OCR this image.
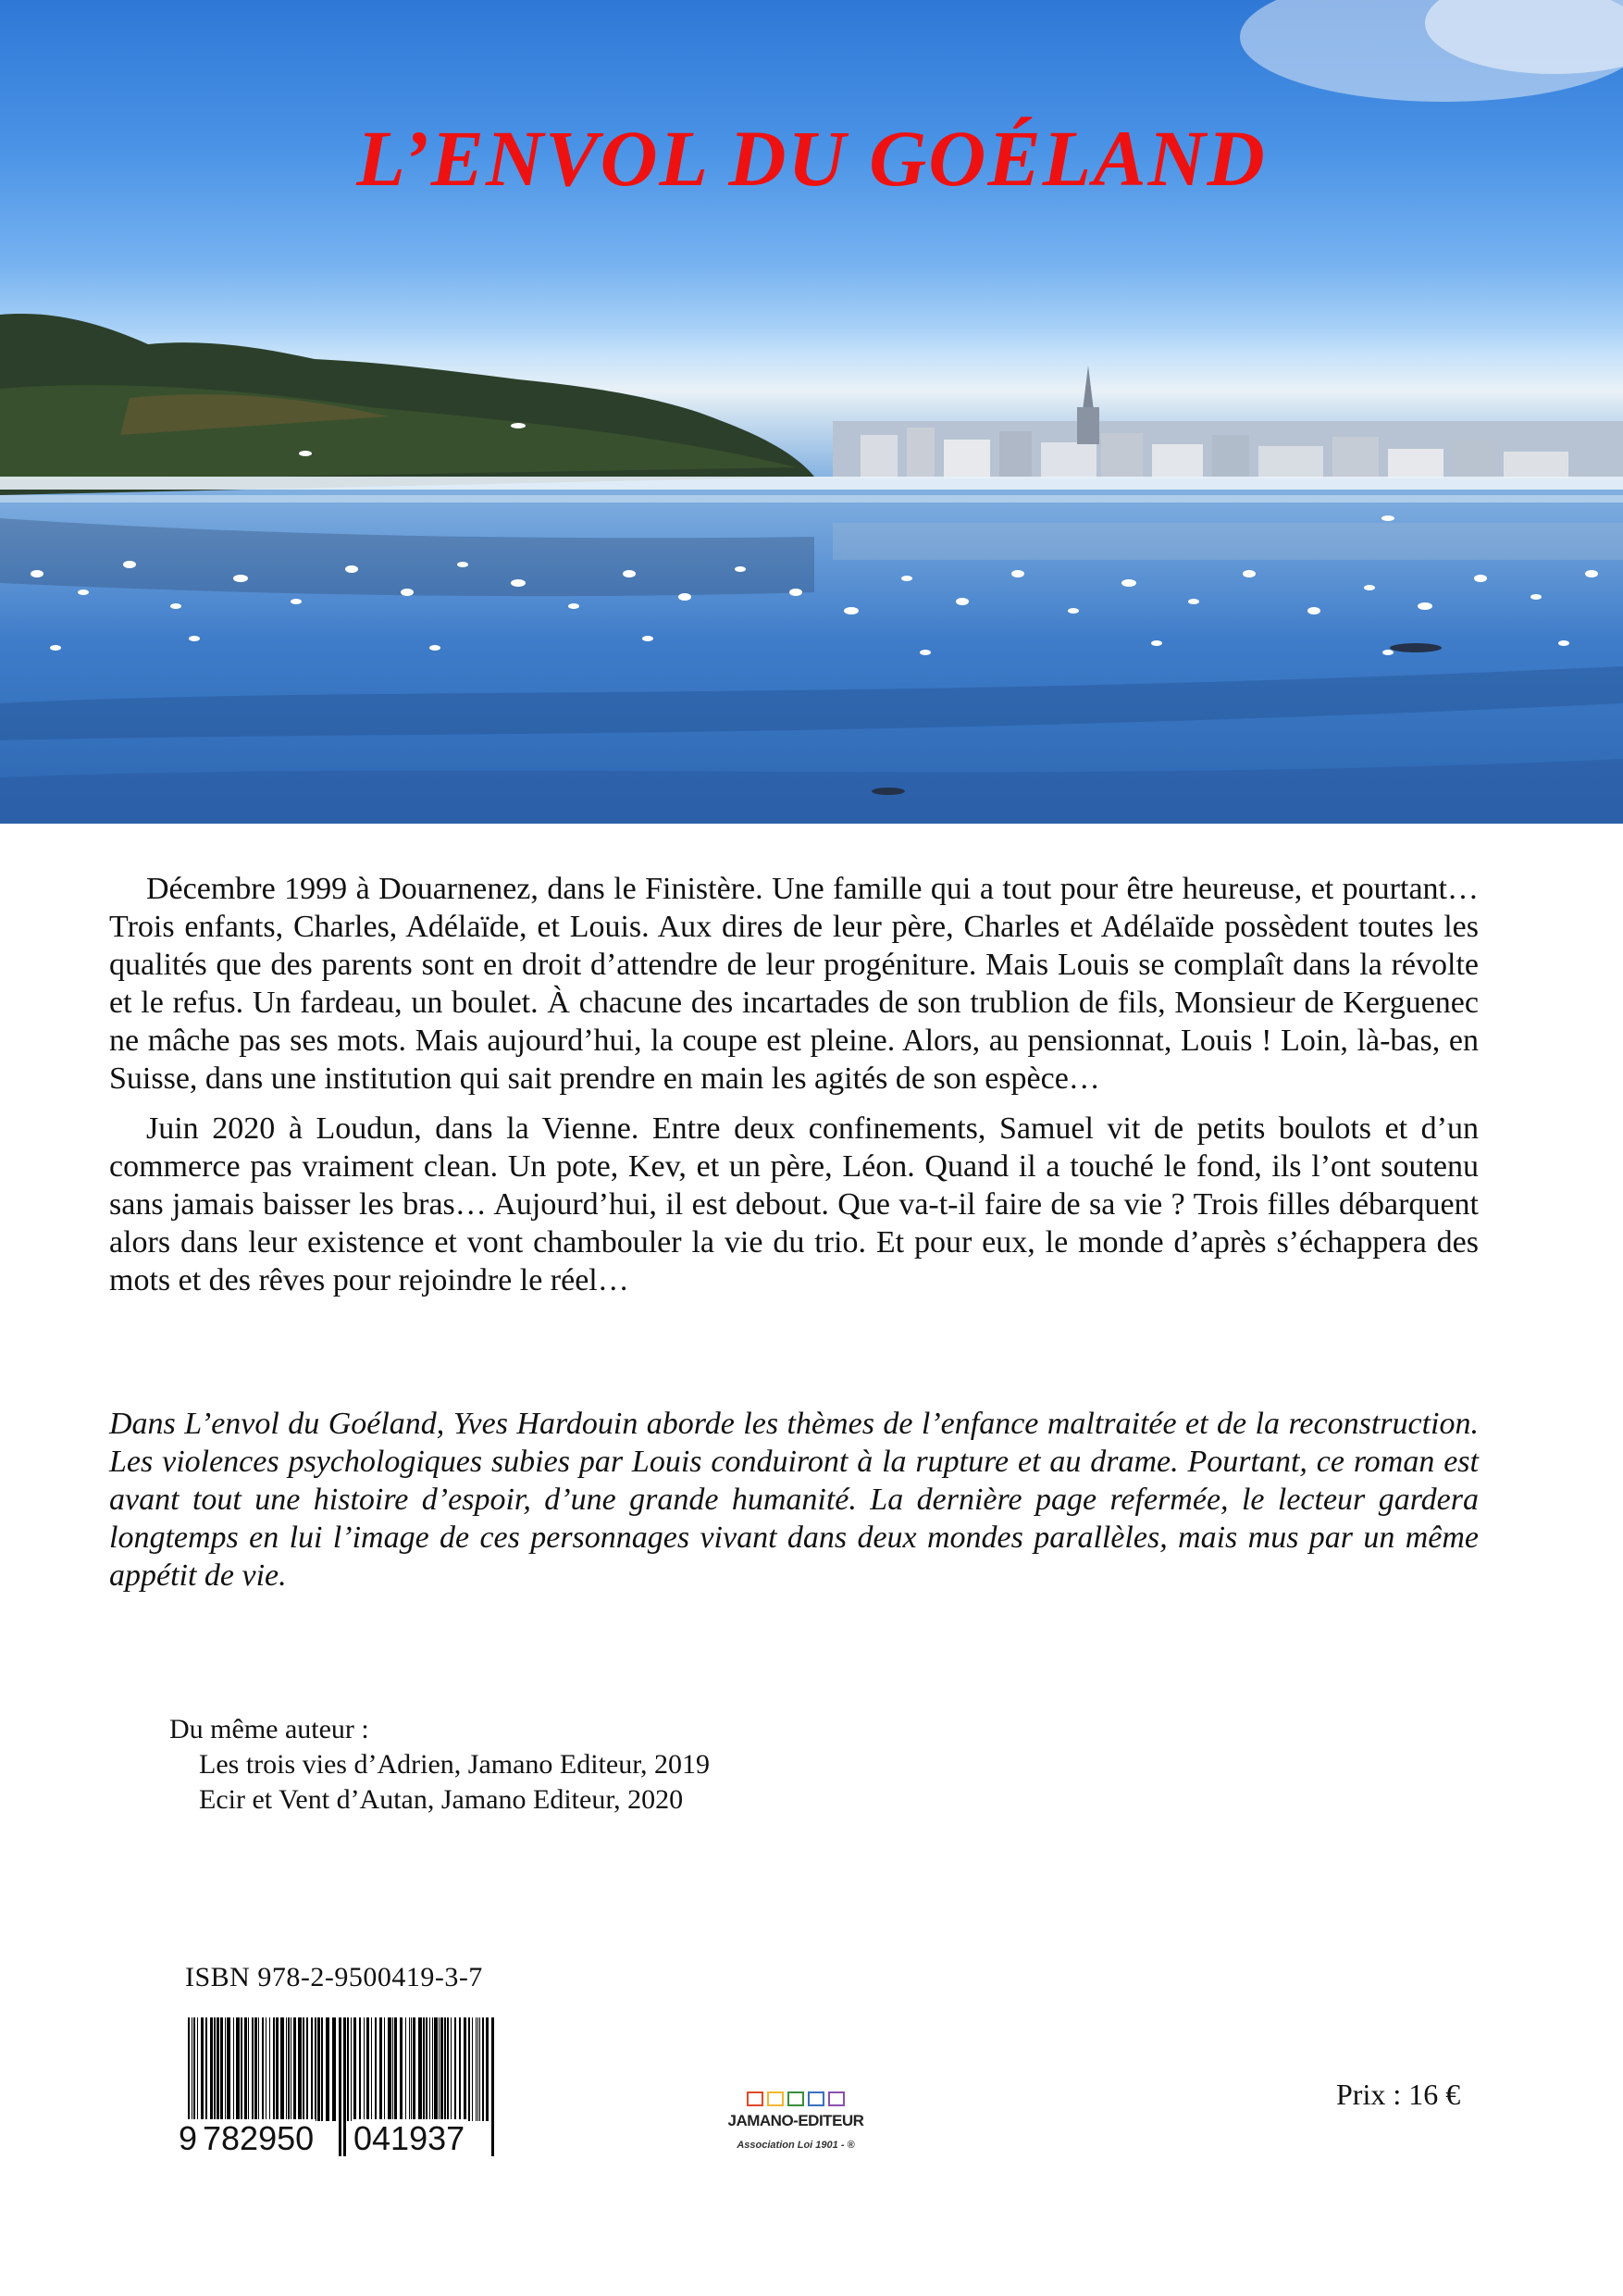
L’ENVOL DU GOÉLAND

Décembre 1999 à Douarnenez, dans le Finistère. Une famille qui a tout pour être heureuse, et pourtant… Trois enfants, Charles, Adélaïde, et Louis. Aux dires de leur père, Charles et Adélaïde possèdent toutes les qualités que des parents sont en droit d’attendre de leur progéniture. Mais Louis se complaît dans la révolte et le refus. Un fardeau, un boulet. À chacune des incartades de son trublion de fils, Monsieur de Kerguenec ne mâche pas ses mots. Mais aujourd’hui, la coupe est pleine. Alors, au pensionnat, Louis ! Loin, là-bas, en Suisse, dans une institution qui sait prendre en main les agités de son espèce…

Juin 2020 à Loudun, dans la Vienne. Entre deux confinements, Samuel vit de petits boulots et d’un commerce pas vraiment clean. Un pote, Kev, et un père, Léon. Quand il a touché le fond, ils l’ont soutenu sans jamais baisser les bras… Aujourd’hui, il est debout. Que va-t-il faire de sa vie ? Trois filles débarquent alors dans leur existence et vont chambouler la vie du trio. Et pour eux, le monde d’après s’échappera des mots et des rêves pour rejoindre le réel…

Dans L’envol du Goéland, Yves Hardouin aborde les thèmes de l’enfance maltraitée et de la reconstruction. Les violences psychologiques subies par Louis conduiront à la rupture et au drame. Pourtant, ce roman est avant tout une histoire d’espoir, d’une grande humanité. La dernière page refermée, le lecteur gardera longtemps en lui l’image de ces personnages vivant dans deux mondes parallèles, mais mus par un même appétit de vie.

Du même auteur :
Les trois vies d’Adrien, Jamano Editeur, 2019
Ecir et Vent d’Autan, Jamano Editeur, 2020
ISBN 978-2-9500419-3-7
9 782950 041937	JAMANO-EDITEUR
Association Loi 1901 - ®
Prix : 16 €
